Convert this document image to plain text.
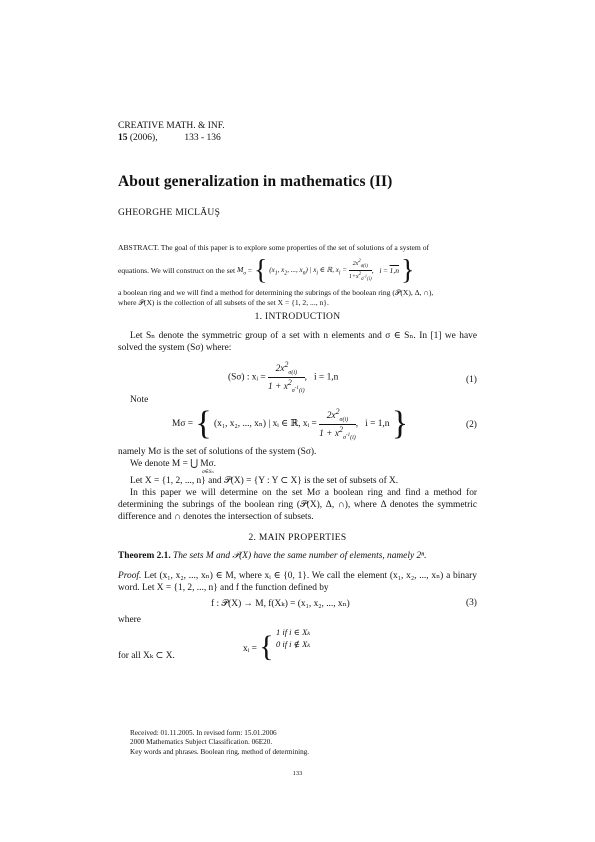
CREATIVE MATH. & INF.
15 (2006),	133 - 136
About generalization in mathematics (II)
GHEORGHE MICLĂUŞ
ABSTRACT. The goal of this paper is to explore some properties of the set of solutions of a system of
equations. We will construct on the set $M_\sigma$ = { ($x_1$, $x_2$, ..., $x_n$) | $x_i$ ∈ ℝ, $x_i = \frac{2x^2_{\sigma(i)}}{1+x^2_{\sigma^{-1}(i)}}$ ,   i = 1,n }
a boolean ring and we will find a method for determining the subrings of the boolean ring (𝒫(X), Δ, ∩),
where 𝒫(X) is the collection of all subsets of the set X = {1, 2, ..., n}.
1. INTRODUCTION
Let Sₙ denote the symmetric group of a set with n elements and σ ∈ Sₙ. In [1] we have solved the system (Sσ) where:
(Sσ) : xᵢ = $\frac{2x^2_{\sigma(i)}}{1 + x^2_{\sigma^{-1}(i)}}$ ,   i = 1,n	(1)
Note
Mσ = { (x₁, x₂, ..., xₙ) | xᵢ ∈ ℝ, xᵢ = $\frac{2x^2_{\sigma(i)}}{1 + x^2_{\sigma^{-1}(i)}}$ ,   i = 1,n }	(2)
namely Mσ is the set of solutions of the system (Sσ).
We denote M = ⋃ Mσ.
σ∈Sₙ
Let X = {1, 2, ..., n} and 𝒫(X) = {Y : Y ⊂ X} is the set of subsets of X.
In this paper we will determine on the set Mσ a boolean ring and find a method for determining the subrings of the boolean ring (𝒫(X), Δ, ∩), where Δ denotes the symmetric difference and ∩ denotes the intersection of subsets.
2. MAIN PROPERTIES
Theorem 2.1. The sets M and 𝒫(X) have the same number of elements, namely 2ⁿ.
Proof. Let (x₁, x₂, ..., xₙ) ∈ M, where xᵢ ∈ {0, 1}. We call the element (x₁, x₂, ..., xₙ) a binary word. Let X = {1, 2, ..., n} and f the function defined by
f : 𝒫(X) → M, f(Xₖ) = (x₁, x₂, ..., xₙ)	(3)
where
xᵢ = { 1 if i ∈ Xₖ
0 if i ∉ Xₖ
for all Xₖ ⊂ X.
Received: 01.11.2005. In revised form: 15.01.2006
2000 Mathematics Subject Classification. 06E20.
Key words and phrases. Boolean ring, method of determining.
133
